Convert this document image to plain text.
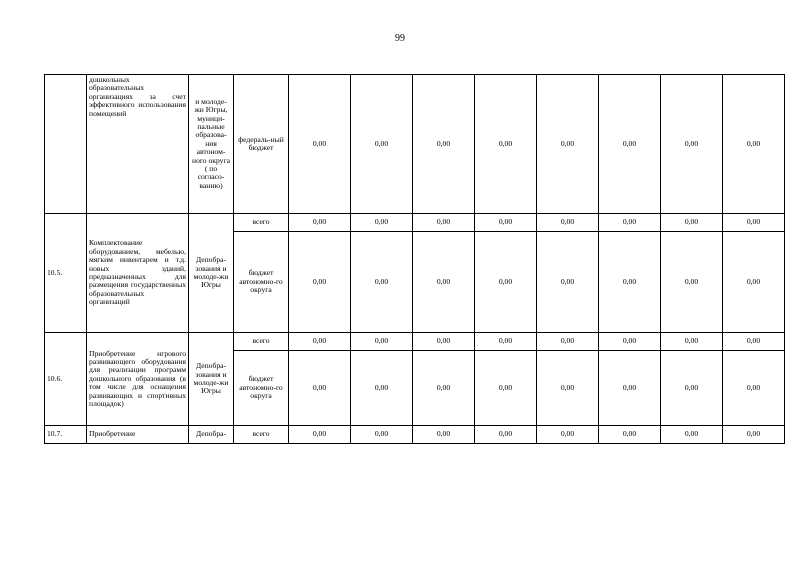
99
	дошкольных образовательных организациях за счет эффективного использования помещений	и молоде-жи Югры, муници-пальные образова-ния автоном-ного округа ( по согласо-ванию)	федераль-ный бюджет	0,00	0,00	0,00	0,00	0,00	0,00	0,00	0,00
10.5.	Комплектование оборудованием, мебелью, мягким инвентарем и т.д. новых зданий, предназначенных для размещения государственных образовательных организаций	Депобра-зования и молоде-жи Югры	всего	0,00	0,00	0,00	0,00	0,00	0,00	0,00	0,00
			бюджет автономно-го округа	0,00	0,00	0,00	0,00	0,00	0,00	0,00	0,00
10.6.	Приобретение игрового развивающего оборудования для реализации программ дошкольного образования (в том числе для оснащения развивающих и спортивных площадок)	Депобра-зования и молоде-жи Югры	всего	0,00	0,00	0,00	0,00	0,00	0,00	0,00	0,00
			бюджет автономно-го округа	0,00	0,00	0,00	0,00	0,00	0,00	0,00	0,00
10.7.	Приобретение	Депобра-	всего	0,00	0,00	0,00	0,00	0,00	0,00	0,00	0,00
